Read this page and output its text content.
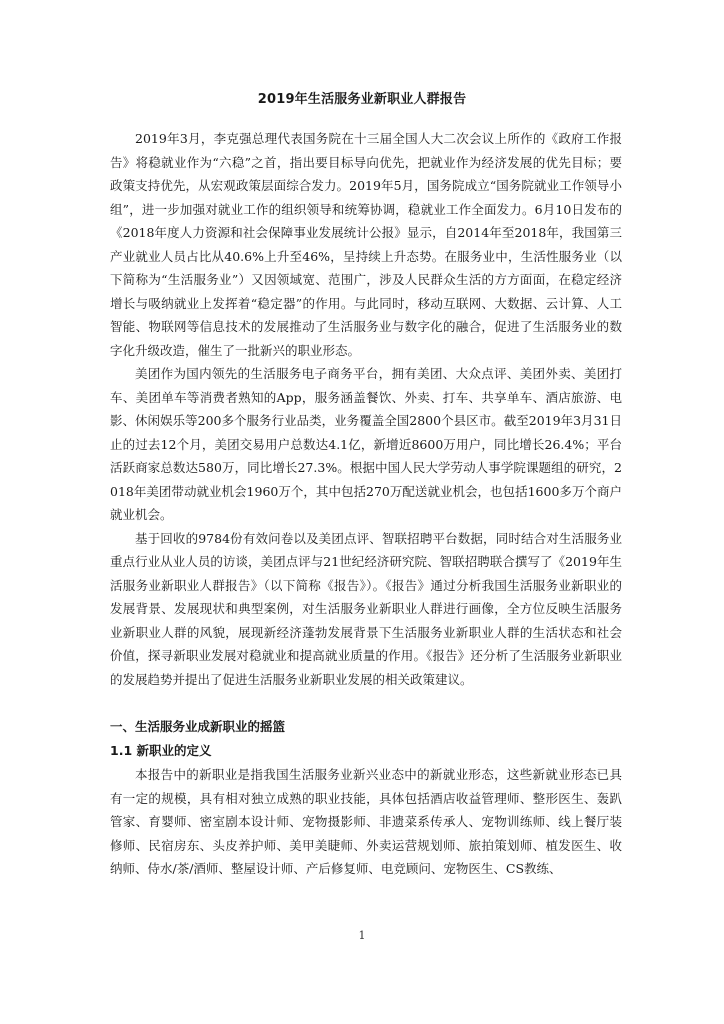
2019年生活服务业新职业人群报告

2019年3月，李克强总理代表国务院在十三届全国人大二次会议上所作的《政府工作报告》将稳就业作为“六稳”之首，指出要目标导向优先，把就业作为经济发展的优先目标；要政策支持优先，从宏观政策层面综合发力。2019年5月，国务院成立“国务院就业工作领导小组”，进一步加强对就业工作的组织领导和统筹协调，稳就业工作全面发力。6月10日发布的《2018年度人力资源和社会保障事业发展统计公报》显示，自2014年至2018年，我国第三产业就业人员占比从40.6%上升至46%，呈持续上升态势。在服务业中，生活性服务业（以下简称为“生活服务业”）又因领域宽、范围广，涉及人民群众生活的方方面面，在稳定经济增长与吸纳就业上发挥着“稳定器”的作用。与此同时，移动互联网、大数据、云计算、人工智能、物联网等信息技术的发展推动了生活服务业与数字化的融合，促进了生活服务业的数字化升级改造，催生了一批新兴的职业形态。

美团作为国内领先的生活服务电子商务平台，拥有美团、大众点评、美团外卖、美团打车、美团单车等消费者熟知的App，服务涵盖餐饮、外卖、打车、共享单车、酒店旅游、电影、休闲娱乐等200多个服务行业品类，业务覆盖全国2800个县区市。截至2019年3月31日止的过去12个月，美团交易用户总数达4.1亿，新增近8600万用户，同比增长26.4%；平台活跃商家总数达580万，同比增长27.3%。根据中国人民大学劳动人事学院课题组的研究，2018年美团带动就业机会1960万个，其中包括270万配送就业机会，也包括1600多万个商户就业机会。

基于回收的9784份有效问卷以及美团点评、智联招聘平台数据，同时结合对生活服务业重点行业从业人员的访谈，美团点评与21世纪经济研究院、智联招聘联合撰写了《2019年生活服务业新职业人群报告》（以下简称《报告》）。《报告》通过分析我国生活服务业新职业的发展背景、发展现状和典型案例，对生活服务业新职业人群进行画像，全方位反映生活服务业新职业人群的风貌，展现新经济蓬勃发展背景下生活服务业新职业人群的生活状态和社会价值，探寻新职业发展对稳就业和提高就业质量的作用。《报告》还分析了生活服务业新职业的发展趋势并提出了促进生活服务业新职业发展的相关政策建议。

一、生活服务业成新职业的摇篮
1.1 新职业的定义

本报告中的新职业是指我国生活服务业新兴业态中的新就业形态，这些新就业形态已具有一定的规模，具有相对独立成熟的职业技能，具体包括酒店收益管理师、整形医生、轰趴管家、育婴师、密室剧本设计师、宠物摄影师、非遗菜系传承人、宠物训练师、线上餐厅装修师、民宿房东、头皮养护师、美甲美睫师、外卖运营规划师、旅拍策划师、植发医生、收纳师、侍水/茶/酒师、整屋设计师、产后修复师、电竞顾问、宠物医生、CS教练、

1
